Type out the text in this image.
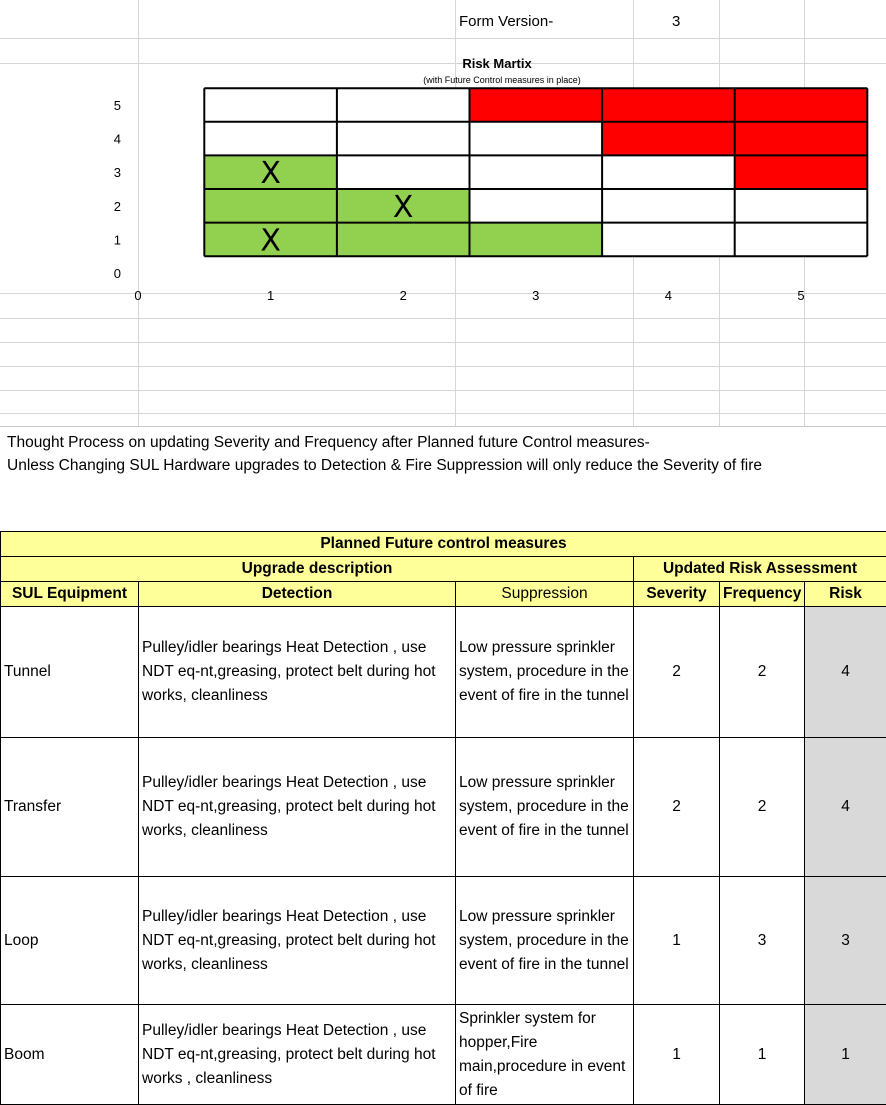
Form Version-	3
Risk Martix
(with Future Control measures in place)
X
X
X
0
1
2
3
4
5
0	1	2	3	4	5
Thought Process on updating Severity and Frequency after Planned future Control measures-
Unless Changing SUL Hardware upgrades to Detection & Fire Suppression will only reduce the Severity of fire
Planned Future control measures					
Upgrade description			Updated Risk Assessment		
SUL Equipment	Detection	Suppression	Severity	Frequency	Risk
Tunnel	Pulley/idler bearings Heat Detection , use NDT eq-nt,greasing, protect belt during hot works, cleanliness	Low pressure sprinkler system, procedure in the event of fire in the tunnel	2	2	4
Transfer	Pulley/idler bearings Heat Detection , use NDT eq-nt,greasing, protect belt during hot works, cleanliness	Low pressure sprinkler system, procedure in the event of fire in the tunnel	2	2	4
Loop	Pulley/idler bearings Heat Detection , use NDT eq-nt,greasing, protect belt during hot works, cleanliness	Low pressure sprinkler system, procedure in the event of fire in the tunnel	1	3	3
Boom	Pulley/idler bearings Heat Detection , use NDT eq-nt,greasing, protect belt during hot works , cleanliness	Sprinkler system for hopper,Fire main,procedure in event of fire	1	1	1
